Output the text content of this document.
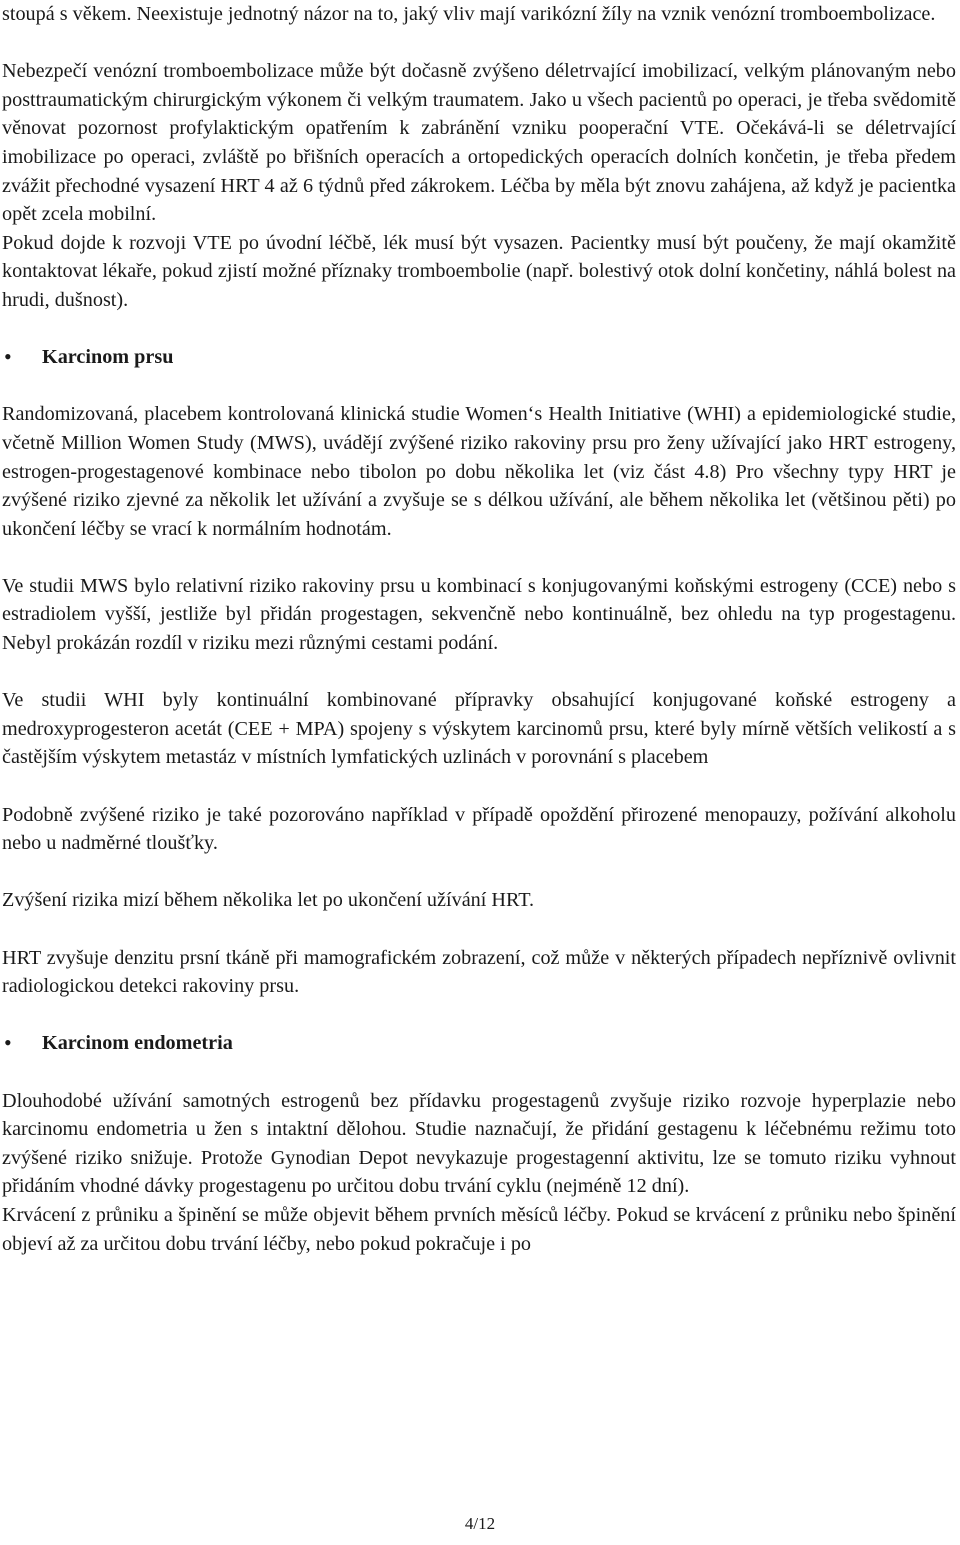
stoupá s věkem. Neexistuje jednotný názor na to, jaký vliv mají varikózní žíly na vznik venózní tromboembolizace.

Nebezpečí venózní tromboembolizace může být dočasně zvýšeno déletrvající imobilizací, velkým plánovaným nebo posttraumatickým chirurgickým výkonem či velkým traumatem. Jako u všech pacientů po operaci, je třeba svědomitě věnovat pozornost profylaktickým opatřením k zabránění vzniku pooperační VTE. Očekává-li se déletrvající imobilizace po operaci, zvláště po břišních operacích a ortopedických operacích dolních končetin, je třeba předem zvážit přechodné vysazení HRT 4 až 6 týdnů před zákrokem. Léčba by měla být znovu zahájena, až když je pacientka opět zcela mobilní.

Pokud dojde k rozvoji VTE po úvodní léčbě, lék musí být vysazen. Pacientky musí být poučeny, že mají okamžitě kontaktovat lékaře, pokud zjistí možné příznaky tromboembolie (např. bolestivý otok dolní končetiny, náhlá bolest na hrudi, dušnost).

•	Karcinom prsu

Randomizovaná, placebem kontrolovaná klinická studie Women‘s Health Initiative (WHI) a epidemiologické studie, včetně Million Women Study (MWS), uvádějí zvýšené riziko rakoviny prsu pro ženy užívající jako HRT estrogeny, estrogen-progestagenové kombinace nebo tibolon po dobu několika let (viz část 4.8) Pro všechny typy HRT je zvýšené riziko zjevné za několik let užívání a zvyšuje se s délkou užívání, ale během několika let (většinou pěti) po ukončení léčby se vrací k normálním hodnotám.

Ve studii MWS bylo relativní riziko rakoviny prsu u kombinací s konjugovanými koňskými estrogeny (CCE) nebo s estradiolem vyšší, jestliže byl přidán progestagen, sekvenčně nebo kontinuálně, bez ohledu na typ progestagenu. Nebyl prokázán rozdíl v riziku mezi různými cestami podání.

Ve studii WHI byly kontinuální kombinované přípravky obsahující konjugované koňské estrogeny a medroxyprogesteron acetát (CEE + MPA) spojeny s výskytem karcinomů prsu, které byly mírně větších velikostí a s častějším výskytem metastáz v místních lymfatických uzlinách v porovnání s placebem

Podobně zvýšené riziko je také pozorováno například v případě opoždění přirozené menopauzy, požívání alkoholu nebo u nadměrné tloušťky.

Zvýšení rizika mizí během několika let po ukončení užívání HRT.

HRT zvyšuje denzitu prsní tkáně při mamografickém zobrazení, což může v některých případech nepříznivě ovlivnit radiologickou detekci rakoviny prsu.

•	Karcinom endometria

Dlouhodobé užívání samotných estrogenů bez přídavku progestagenů zvyšuje riziko rozvoje hyperplazie nebo karcinomu endometria u žen s intaktní dělohou. Studie naznačují, že přidání gestagenu k léčebnému režimu toto zvýšené riziko snižuje. Protože Gynodian Depot nevykazuje progestagenní aktivitu, lze se tomuto riziku vyhnout přidáním vhodné dávky progestagenu po určitou dobu trvání cyklu (nejméně 12 dní).

Krvácení z průniku a špinění se může objevit během prvních měsíců léčby. Pokud se krvácení z průniku nebo špinění objeví až za určitou dobu trvání léčby, nebo pokud pokračuje i po

4/12
